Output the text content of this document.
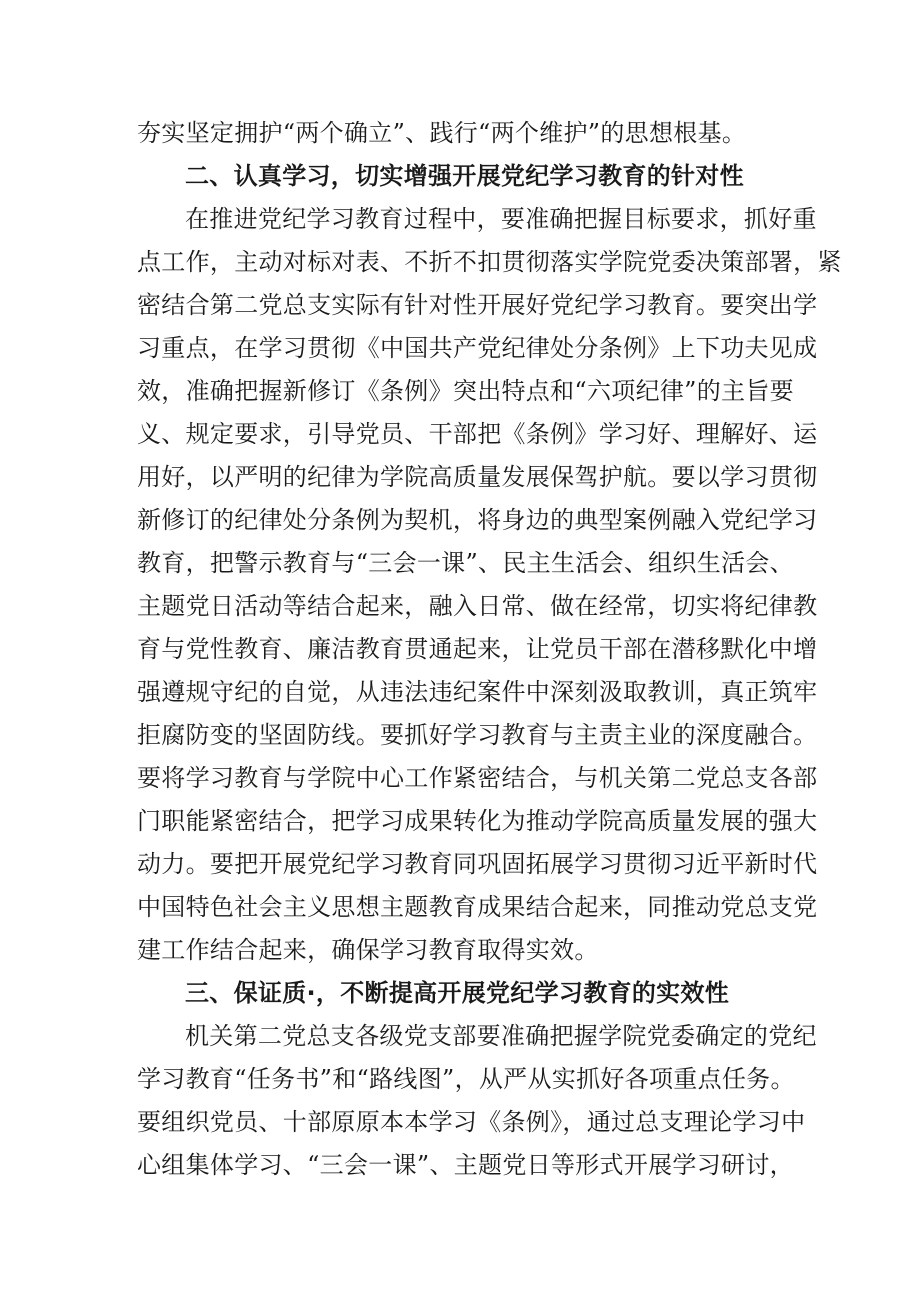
夯实坚定拥护“两个确立”、践行“两个维护”的思想根基。
二、认真学习，切实增强开展党纪学习教育的针对性
在推进党纪学习教育过程中，要准确把握目标要求，抓好重
点工作，主动对标对表、不折不扣贯彻落实学院党委决策部署，紧
密结合第二党总支实际有针对性开展好党纪学习教育。要突出学
习重点，在学习贯彻《中国共产党纪律处分条例》上下功夫见成
效，准确把握新修订《条例》突出特点和“六项纪律”的主旨要
义、规定要求，引导党员、干部把《条例》学习好、理解好、运
用好，以严明的纪律为学院高质量发展保驾护航。要以学习贯彻
新修订的纪律处分条例为契机，将身边的典型案例融入党纪学习
教育，把警示教育与“三会一课”、民主生活会、组织生活会、
主题党日活动等结合起来，融入日常、做在经常，切实将纪律教
育与党性教育、廉洁教育贯通起来，让党员干部在潜移默化中增
强遵规守纪的自觉，从违法违纪案件中深刻汲取教训，真正筑牢
拒腐防变的坚固防线。要抓好学习教育与主责主业的深度融合。
要将学习教育与学院中心工作紧密结合，与机关第二党总支各部
门职能紧密结合，把学习成果转化为推动学院高质量发展的强大
动力。要把开展党纪学习教育同巩固拓展学习贯彻习近平新时代
中国特色社会主义思想主题教育成果结合起来，同推动党总支党
建工作结合起来，确保学习教育取得实效。
三、保证质·，不断提高开展党纪学习教育的实效性
机关第二党总支各级党支部要准确把握学院党委确定的党纪
学习教育“任务书”和“路线图”，从严从实抓好各项重点任务。
要组织党员、十部原原本本学习《条例》，通过总支理论学习中
心组集体学习、“三会一课”、主题党日等形式开展学习研讨，
